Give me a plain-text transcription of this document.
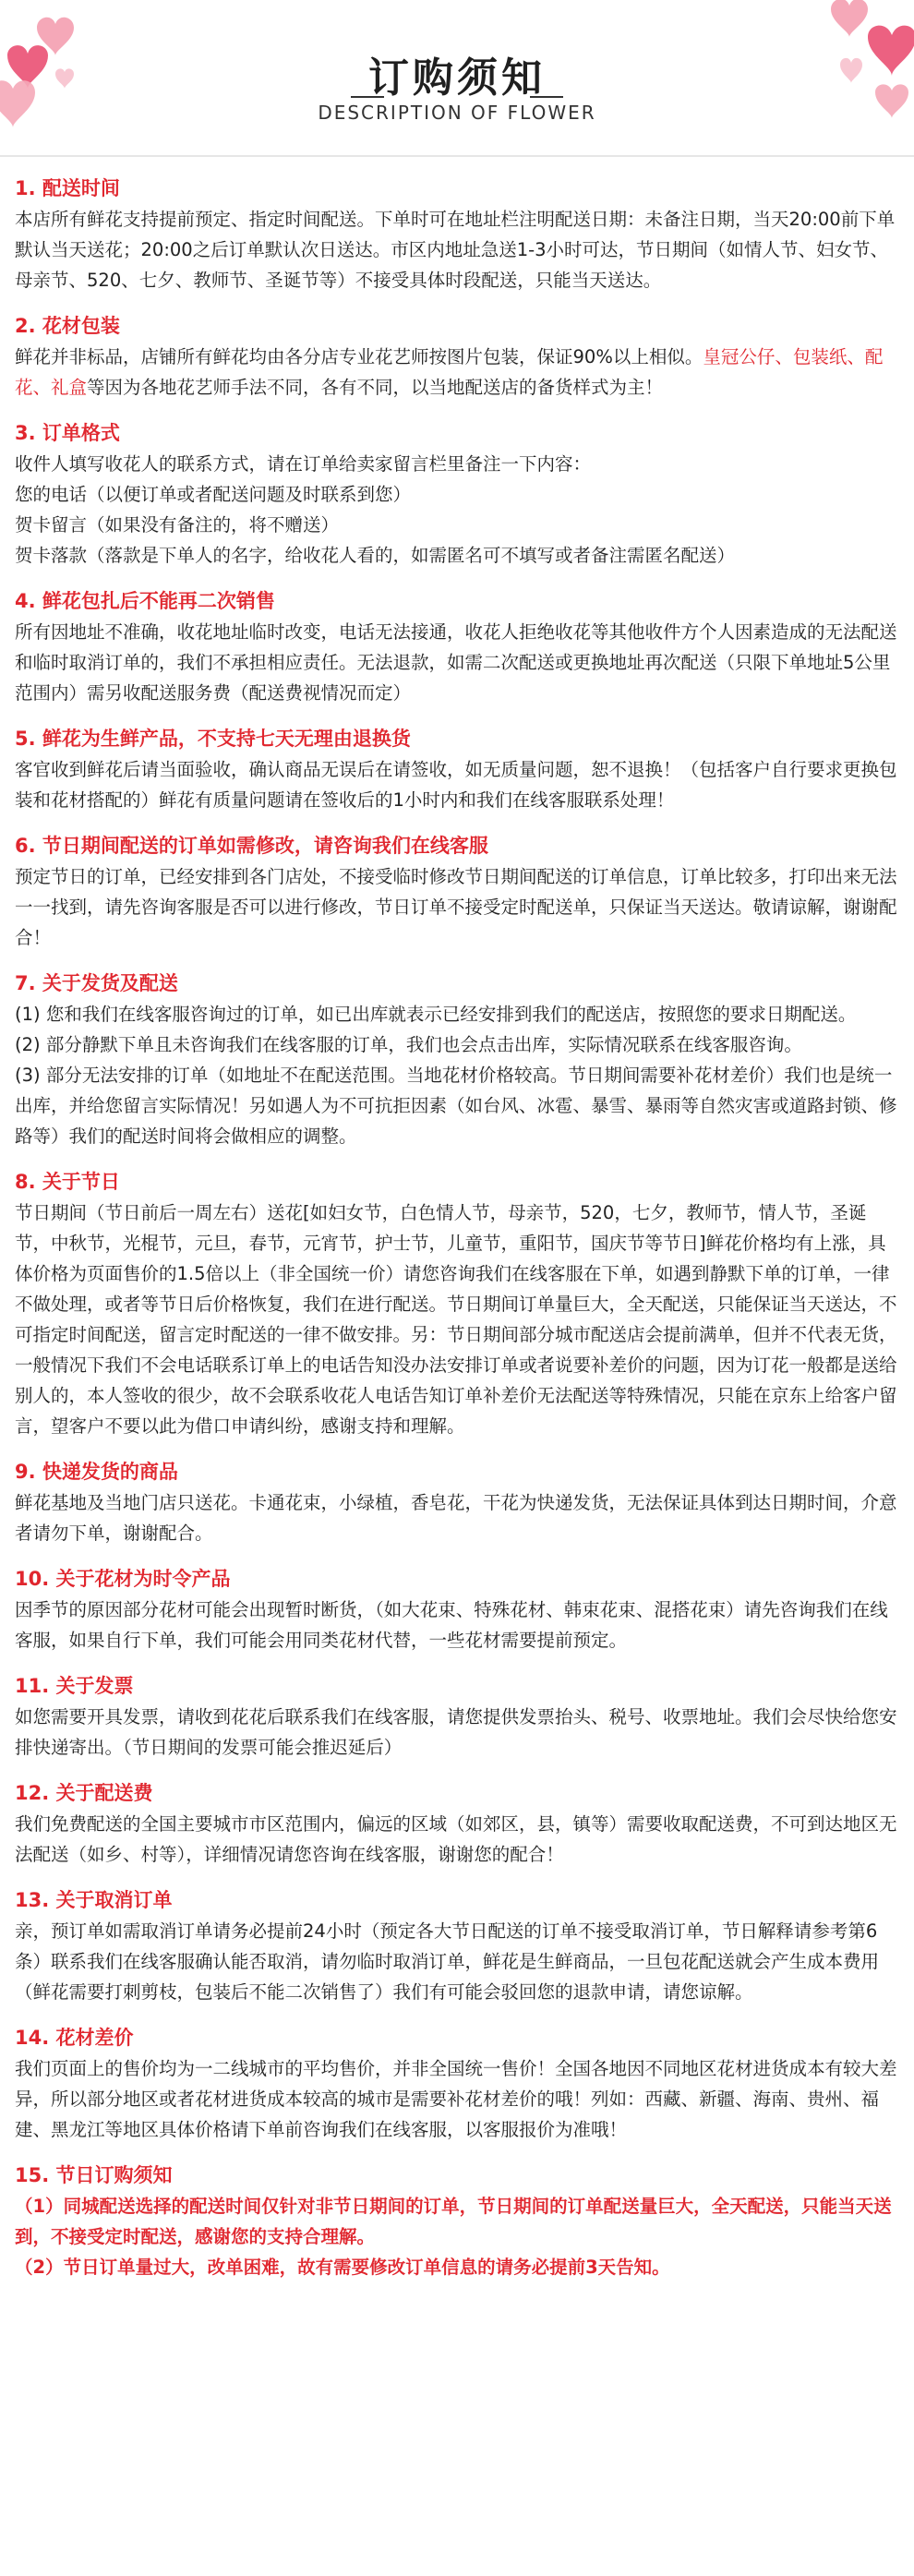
订购须知
DESCRIPTION OF FLOWER
1. 配送时间
本店所有鲜花支持提前预定、指定时间配送。下单时可在地址栏注明配送日期：未备注日期，当天20:00前下单默认当天送花；20:00之后订单默认次日送达。市区内地址急送1-3小时可达，节日期间（如情人节、妇女节、母亲节、520、七夕、教师节、圣诞节等）不接受具体时段配送，只能当天送达。
2. 花材包装
鲜花并非标品，店铺所有鲜花均由各分店专业花艺师按图片包装，保证90%以上相似。皇冠公仔、包装纸、配花、礼盒等因为各地花艺师手法不同，各有不同，以当地配送店的备货样式为主！
3. 订单格式

收件人填写收花人的联系方式，请在订单给卖家留言栏里备注一下内容：

您的电话（以便订单或者配送问题及时联系到您）

贺卡留言（如果没有备注的，将不赠送）

贺卡落款（落款是下单人的名字，给收花人看的，如需匿名可不填写或者备注需匿名配送）

4. 鲜花包扎后不能再二次销售
所有因地址不准确，收花地址临时改变，电话无法接通，收花人拒绝收花等其他收件方个人因素造成的无法配送和临时取消订单的，我们不承担相应责任。无法退款，如需二次配送或更换地址再次配送（只限下单地址5公里范围内）需另收配送服务费（配送费视情况而定）
5. 鲜花为生鲜产品，不支持七天无理由退换货
客官收到鲜花后请当面验收，确认商品无误后在请签收，如无质量问题，恕不退换！（包括客户自行要求更换包装和花材搭配的）鲜花有质量问题请在签收后的1小时内和我们在线客服联系处理！
6. 节日期间配送的订单如需修改，请咨询我们在线客服
预定节日的订单，已经安排到各门店处，不接受临时修改节日期间配送的订单信息，订单比较多，打印出来无法一一找到，请先咨询客服是否可以进行修改，节日订单不接受定时配送单，只保证当天送达。敬请谅解，谢谢配合！
7. 关于发货及配送

(1) 您和我们在线客服咨询过的订单，如已出库就表示已经安排到我们的配送店，按照您的要求日期配送。

(2) 部分静默下单且未咨询我们在线客服的订单，我们也会点击出库，实际情况联系在线客服咨询。

(3) 部分无法安排的订单（如地址不在配送范围。当地花材价格较高。节日期间需要补花材差价）我们也是统一出库，并给您留言实际情况！另如遇人为不可抗拒因素（如台风、冰雹、暴雪、暴雨等自然灾害或道路封锁、修路等）我们的配送时间将会做相应的调整。

8. 关于节日
节日期间（节日前后一周左右）送花[如妇女节，白色情人节，母亲节，520，七夕，教师节，情人节，圣诞节，中秋节，光棍节，元旦，春节，元宵节，护士节，儿童节，重阳节，国庆节等节日]鲜花价格均有上涨，具体价格为页面售价的1.5倍以上（非全国统一价）请您咨询我们在线客服在下单，如遇到静默下单的订单，一律不做处理，或者等节日后价格恢复，我们在进行配送。节日期间订单量巨大，全天配送，只能保证当天送达，不可指定时间配送，留言定时配送的一律不做安排。另：节日期间部分城市配送店会提前满单，但并不代表无货，一般情况下我们不会电话联系订单上的电话告知没办法安排订单或者说要补差价的问题，因为订花一般都是送给别人的，本人签收的很少，故不会联系收花人电话告知订单补差价无法配送等特殊情况，只能在京东上给客户留言，望客户不要以此为借口申请纠纷，感谢支持和理解。
9. 快递发货的商品
鲜花基地及当地门店只送花。卡通花束，小绿植，香皂花，干花为快递发货，无法保证具体到达日期时间，介意者请勿下单，谢谢配合。
10. 关于花材为时令产品
因季节的原因部分花材可能会出现暂时断货，（如大花束、特殊花材、韩束花束、混搭花束）请先咨询我们在线客服，如果自行下单，我们可能会用同类花材代替，一些花材需要提前预定。
11. 关于发票
如您需要开具发票，请收到花花后联系我们在线客服，请您提供发票抬头、税号、收票地址。我们会尽快给您安排快递寄出。（节日期间的发票可能会推迟延后）
12. 关于配送费
我们免费配送的全国主要城市市区范围内，偏远的区域（如郊区，县，镇等）需要收取配送费，不可到达地区无法配送（如乡、村等），详细情况请您咨询在线客服，谢谢您的配合！
13. 关于取消订单
亲，预订单如需取消订单请务必提前24小时（预定各大节日配送的订单不接受取消订单，节日解释请参考第6条）联系我们在线客服确认能否取消，请勿临时取消订单，鲜花是生鲜商品，一旦包花配送就会产生成本费用（鲜花需要打刺剪枝，包装后不能二次销售了）我们有可能会驳回您的退款申请，请您谅解。
14. 花材差价
我们页面上的售价均为一二线城市的平均售价，并非全国统一售价！全国各地因不同地区花材进货成本有较大差异，所以部分地区或者花材进货成本较高的城市是需要补花材差价的哦！列如：西藏、新疆、海南、贵州、福建、黑龙江等地区具体价格请下单前咨询我们在线客服，以客服报价为准哦！
15. 节日订购须知

（1）同城配送选择的配送时间仅针对非节日期间的订单，节日期间的订单配送量巨大，全天配送，只能当天送到，不接受定时配送，感谢您的支持合理解。

（2）节日订单量过大，改单困难，故有需要修改订单信息的请务必提前3天告知。
